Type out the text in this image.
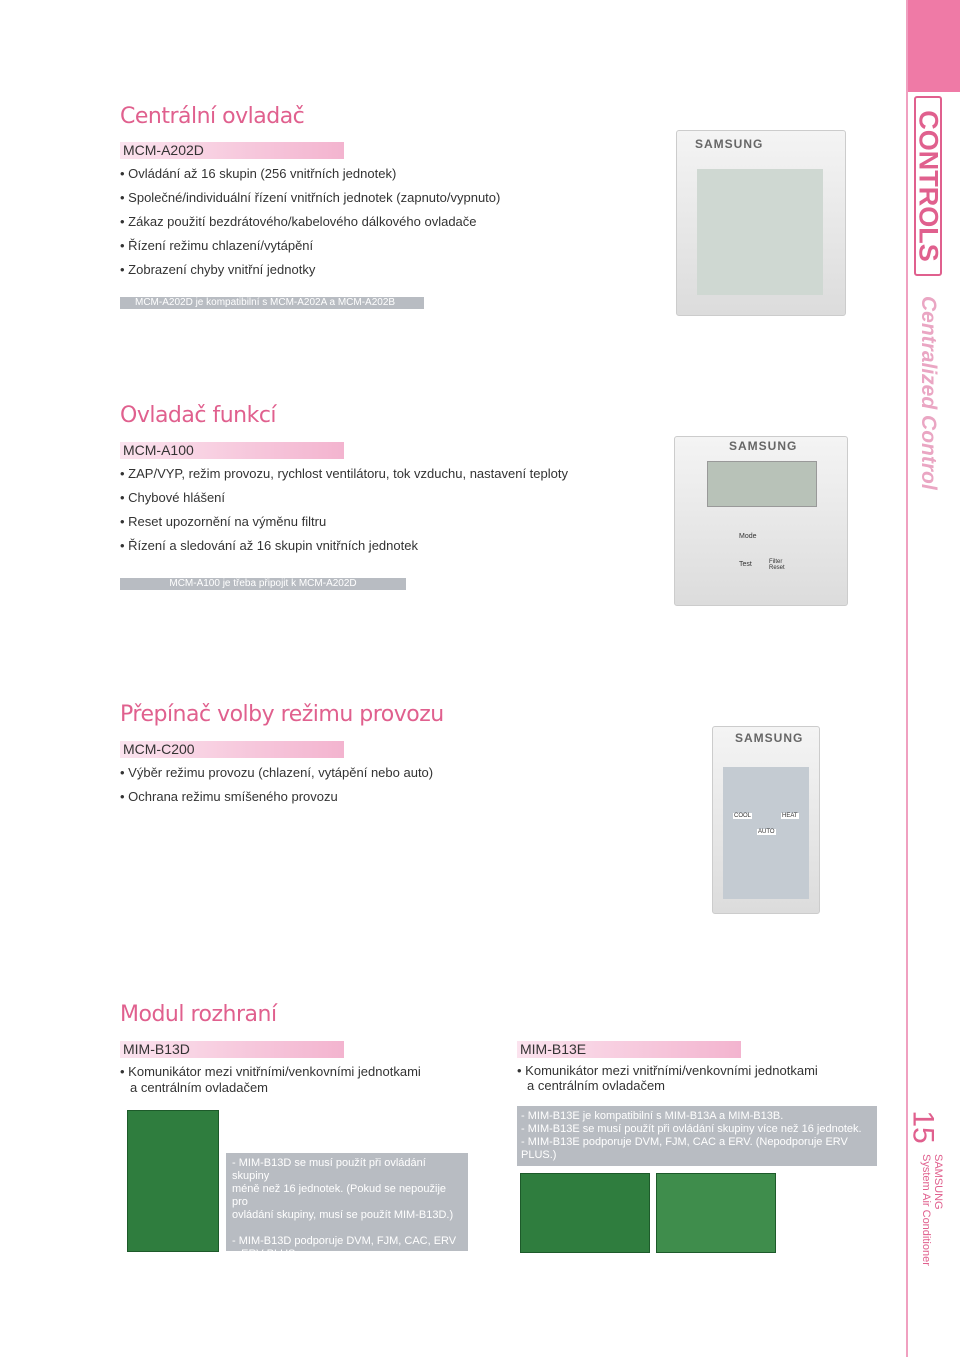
CONTROLS
Centralized Control
15
SAMSUNG
System Air Conditioner
Centrální ovladač
MCM-A202D
• Ovládání až 16 skupin (256 vnitřních jednotek)
• Společné/individuální řízení vnitřních jednotek (zapnuto/vypnuto)
• Zákaz použití bezdrátového/kabelového dálkového ovladače
• Řízení režimu chlazení/vytápění
• Zobrazení chyby vnitřní jednotky
MCM-A202D je kompatibilní s MCM-A202A a MCM-A202B
SAMSUNG
Ovladač funkcí
MCM-A100
• ZAP/VYP, režim provozu, rychlost ventilátoru, tok vzduchu, nastavení teploty
• Chybové hlášení
• Reset upozornění na výměnu filtru
• Řízení a sledování až 16 skupin vnitřních jednotek
MCM-A100 je třeba připojit k MCM-A202D
SAMSUNG
Mode
Test	Filter Reset
Přepínač volby režimu provozu
MCM-C200
• Výběr režimu provozu (chlazení, vytápění nebo auto)
• Ochrana režimu smíšeného provozu
SAMSUNG
COOL	HEAT
AUTO
Modul rozhraní
MIM-B13D
• Komunikátor mezi vnitřními/venkovními jednotkami
a centrálním ovladačem
MIM-B13E
• Komunikátor mezi vnitřními/venkovními jednotkami
a centrálním ovladačem
- MIM-B13D se musí použít při ovládání skupiny
méně než 16 jednotek. (Pokud se nepoužije pro
ovládání skupiny, musí se použít MIM-B13D.)
- MIM-B13D podporuje DVM, FJM, CAC, ERV
a ERV PLUS.
- MIM-B13E je kompatibilní s MIM-B13A a MIM-B13B.
- MIM-B13E se musí použít při ovládání skupiny více než 16 jednotek.
- MIM-B13E podporuje DVM, FJM, CAC a ERV. (Nepodporuje ERV PLUS.)
